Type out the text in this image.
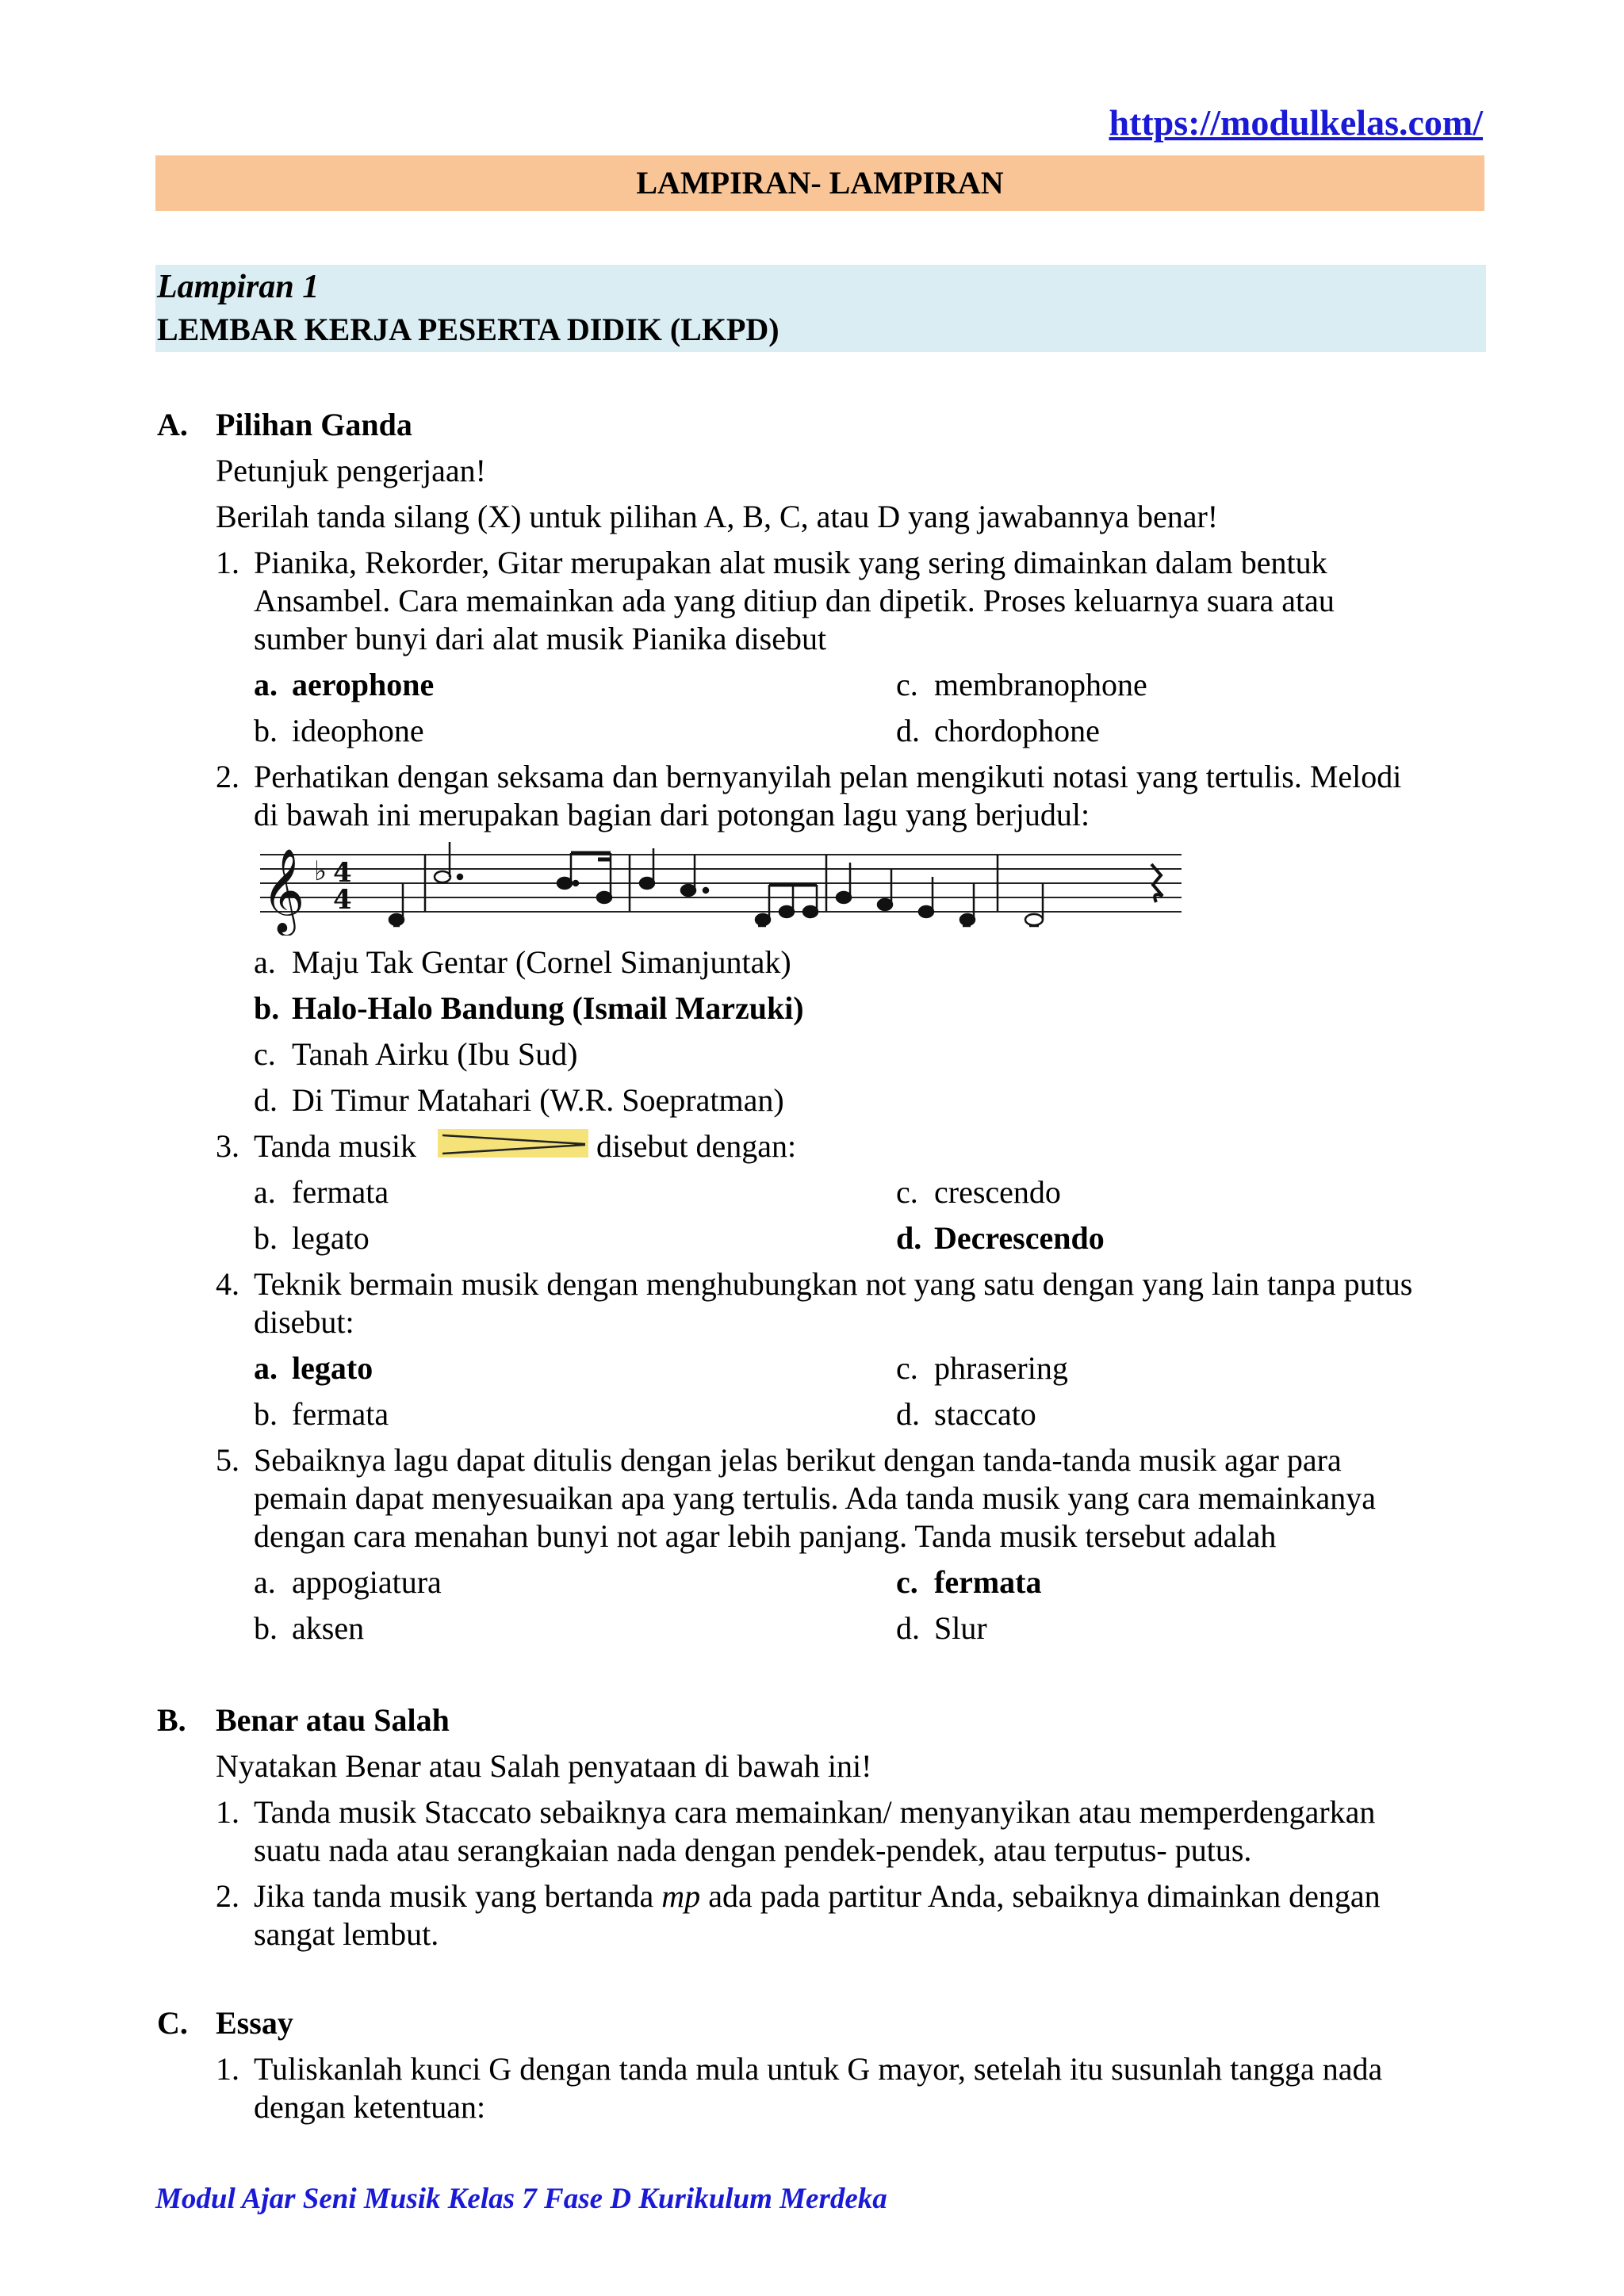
https://modulkelas.com/
LAMPIRAN- LAMPIRAN
Lampiran 1
LEMBAR KERJA PESERTA DIDIK (LKPD)
A. Pilihan Ganda
Petunjuk pengerjaan!
Berilah tanda silang (X) untuk pilihan A, B, C, atau D yang jawabannya benar!
1. Pianika, Rekorder, Gitar merupakan alat musik yang sering dimainkan dalam bentuk
Ansambel. Cara memainkan ada yang ditiup dan dipetik. Proses keluarnya suara atau
sumber bunyi dari alat musik Pianika disebut
a. aerophone	c. membranophone
b. ideophone	d. chordophone
2. Perhatikan dengan seksama dan bernyanyilah pelan mengikuti notasi yang tertulis. Melodi
di bawah ini merupakan bagian dari potongan lagu yang berjudul:
𝄞 ♭ 4
4
a. Maju Tak Gentar (Cornel Simanjuntak)
b. Halo-Halo Bandung (Ismail Marzuki)
c. Tanah Airku (Ibu Sud)
d. Di Timur Matahari (W.R. Soepratman)
3. Tanda musik	disebut dengan:
a. fermata	c. crescendo
b. legato	d. Decrescendo
4. Teknik bermain musik dengan menghubungkan not yang satu dengan yang lain tanpa putus
disebut:
a. legato	c. phrasering
b. fermata	d. staccato
5. Sebaiknya lagu dapat ditulis dengan jelas berikut dengan tanda-tanda musik agar para
pemain dapat menyesuaikan apa yang tertulis. Ada tanda musik yang cara memainkanya
dengan cara menahan bunyi not agar lebih panjang. Tanda musik tersebut adalah
a. appogiatura	c. fermata
b. aksen	d. Slur
B. Benar atau Salah
Nyatakan Benar atau Salah penyataan di bawah ini!
1. Tanda musik Staccato sebaiknya cara memainkan/ menyanyikan atau memperdengarkan
suatu nada atau serangkaian nada dengan pendek-pendek, atau terputus- putus.
2. Jika tanda musik yang bertanda mp ada pada partitur Anda, sebaiknya dimainkan dengan
sangat lembut.
C. Essay
1. Tuliskanlah kunci G dengan tanda mula untuk G mayor, setelah itu susunlah tangga nada
dengan ketentuan:
Modul Ajar Seni Musik Kelas 7 Fase D Kurikulum Merdeka
